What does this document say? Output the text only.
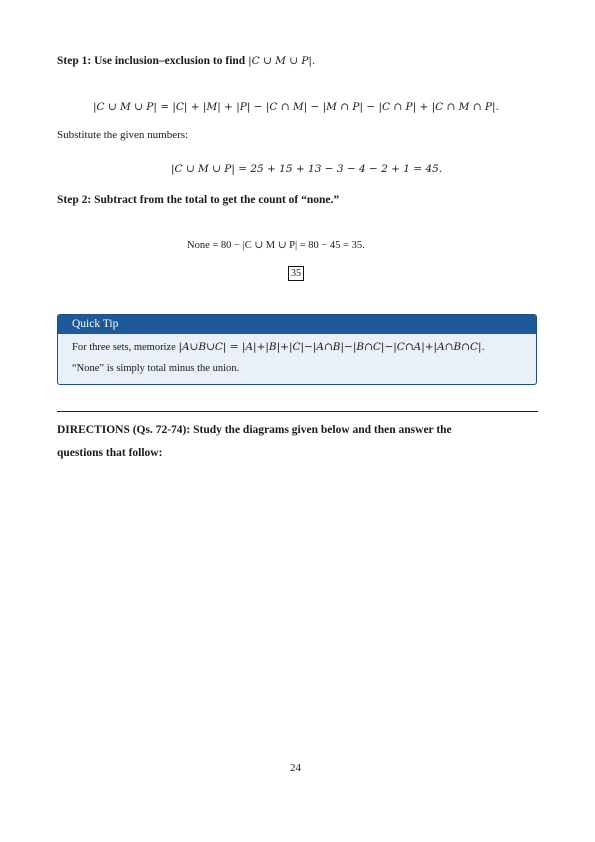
Step 1: Use inclusion–exclusion to find |C ∪ M ∪ P|.
|C ∪ M ∪ P| = |C| + |M| + |P| − |C ∩ M| − |M ∩ P| − |C ∩ P| + |C ∩ M ∩ P|.
Substitute the given numbers:
|C ∪ M ∪ P| = 25 + 15 + 13 − 3 − 4 − 2 + 1 = 45.
Step 2: Subtract from the total to get the count of “none.”
None = 80 − |C ∪ M ∪ P| = 80 − 45 = 35.
35
Quick Tip
For three sets, memorize |A∪B∪C| = |A|+|B|+|C|−|A∩B|−|B∩C|−|C∩A|+|A∩B∩C|.
“None” is simply total minus the union.
DIRECTIONS (Qs. 72-74): Study the diagrams given below and then answer the
questions that follow:
24
